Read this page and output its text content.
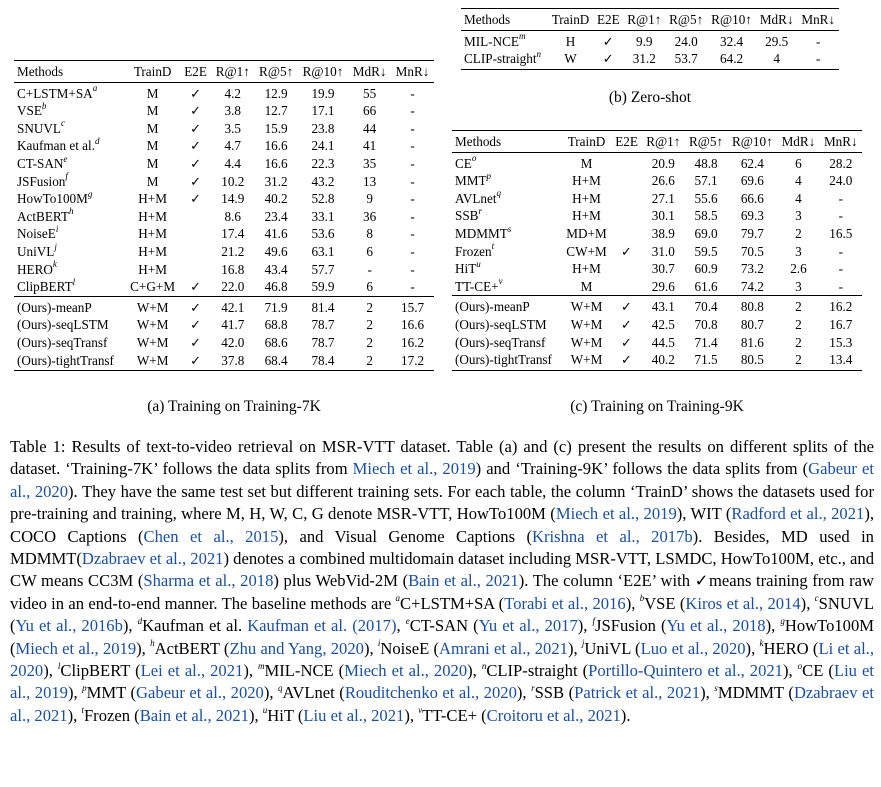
Methods	TrainD	E2E	R@1↑	R@5↑	R@10↑	MdR↓	MnR↓
$C+LSTM+SA^a$	M	✓	4.2	12.9	19.9	55	-
VSE$^b$	M	✓	3.8	12.7	17.1	66	-
SNUVL$^c$	M	✓	3.5	15.9	23.8	44	-
Kaufman et al.$^d$	M	✓	4.7	16.6	24.1	41	-
CT-SAN$^e$	M	✓	4.4	16.6	22.3	35	-
JSFusion$^f$	M	✓	10.2	31.2	43.2	13	-
$HowTo100M^g$	H+M	✓	14.9	40.2	52.8	9	-
ActBERT$^h$	H+M		8.6	23.4	33.1	36	-
NoiseE$^i$	H+M		17.4	41.6	53.6	8	-
UniVL$^j$	H+M		21.2	49.6	63.1	6	-
HERO$^k$	H+M		16.8	43.4	57.7	-	-
ClipBERT$^l$	C+G+M	✓	22.0	46.8	59.9	6	-
(Ours)-meanP	W+M	✓	42.1	71.9	81.4	2	15.7
(Ours)-seqLSTM	W+M	✓	41.7	68.8	78.7	2	16.6
(Ours)-seqTransf	W+M	✓	42.0	68.6	78.7	2	16.2
(Ours)-tightTransf	W+M	✓	37.8	68.4	78.4	2	17.2
(a) Training on Training-7K
Methods	TrainD	E2E	R@1↑	R@5↑	R@10↑	MdR↓	MnR↓
MIL-NCE$^m$	H	✓	9.9	24.0	32.4	29.5	-
CLIP-straight$^n$	W	✓	31.2	53.7	64.2	4	-
(b) Zero-shot
Methods	TrainD	E2E	R@1↑	R@5↑	R@10↑	MdR↓	MnR↓
$CE^o$	M		20.9	48.8	62.4	6	28.2
MMT$^p$	H+M		26.6	57.1	69.6	4	24.0
AVLnet$^q$	H+M		27.1	55.6	66.6	4	-
SSB$^r$	H+M		30.1	58.5	69.3	3	-
MDMMT$^s$	MD+M		38.9	69.0	79.7	2	16.5
Frozen$^t$	CW+M	✓	31.0	59.5	70.5	3	-
HiT$^u$	H+M		30.7	60.9	73.2	2.6	-
TT-CE+$^v$	M		29.6	61.6	74.2	3	-
(Ours)-meanP	W+M	✓	43.1	70.4	80.8	2	16.2
(Ours)-seqLSTM	W+M	✓	42.5	70.8	80.7	2	16.7
(Ours)-seqTransf	W+M	✓	44.5	71.4	81.6	2	15.3
(Ours)-tightTransf	W+M	✓	40.2	71.5	80.5	2	13.4
(c) Training on Training-9K
Table 1: Results of text-to-video retrieval on MSR-VTT dataset. Table (a) and (c) present the results on different splits of the dataset. ‘Training-7K’ follows the data splits from Miech et al., 2019) and ‘Training-9K’ follows the data splits from (Gabeur et al., 2020). They have the same test set but different training sets. For each table, the column ‘TrainD’ shows the datasets used for pre-training and training, where M, H, W, C, G denote MSR-VTT, HowTo100M (Miech et al., 2019), WIT (Radford et al., 2021), COCO Captions (Chen et al., 2015), and Visual Genome Captions (Krishna et al., 2017b). Besides, MD used in MDMMT(Dzabraev et al., 2021) denotes a combined multidomain dataset including MSR-VTT, LSMDC, HowTo100M, etc., and CW means CC3M (Sharma et al., 2018) plus WebVid-2M (Bain et al., 2021). The column ‘E2E’ with ✓means training from raw video in an end-to-end manner. The baseline methods are $^a$C+LSTM+SA (Torabi et al., 2016), $^b$VSE (Kiros et al., 2014), $^c$SNUVL (Yu et al., 2016b), $^d$Kaufman et al. Kaufman et al. (2017), $^e$CT-SAN (Yu et al., 2017), $^f$JSFusion (Yu et al., 2018), $^g$HowTo100M (Miech et al., 2019), $^h$ActBERT (Zhu and Yang, 2020), $^i$NoiseE (Amrani et al., 2021), $^j$UniVL (Luo et al., 2020), $^k$HERO (Li et al., 2020), $^l$ClipBERT (Lei et al., 2021), $^m$MIL-NCE (Miech et al., 2020), $^n$CLIP-straight (Portillo-Quintero et al., 2021), $^o$CE (Liu et al., 2019), $^p$MMT (Gabeur et al., 2020), $^q$AVLnet (Rouditchenko et al., 2020), $^r$SSB (Patrick et al., 2021), $^s$MDMMT (Dzabraev et al., 2021), $^t$Frozen (Bain et al., 2021), $^u$HiT (Liu et al., 2021), $^v$TT-CE+ (Croitoru et al., 2021).
